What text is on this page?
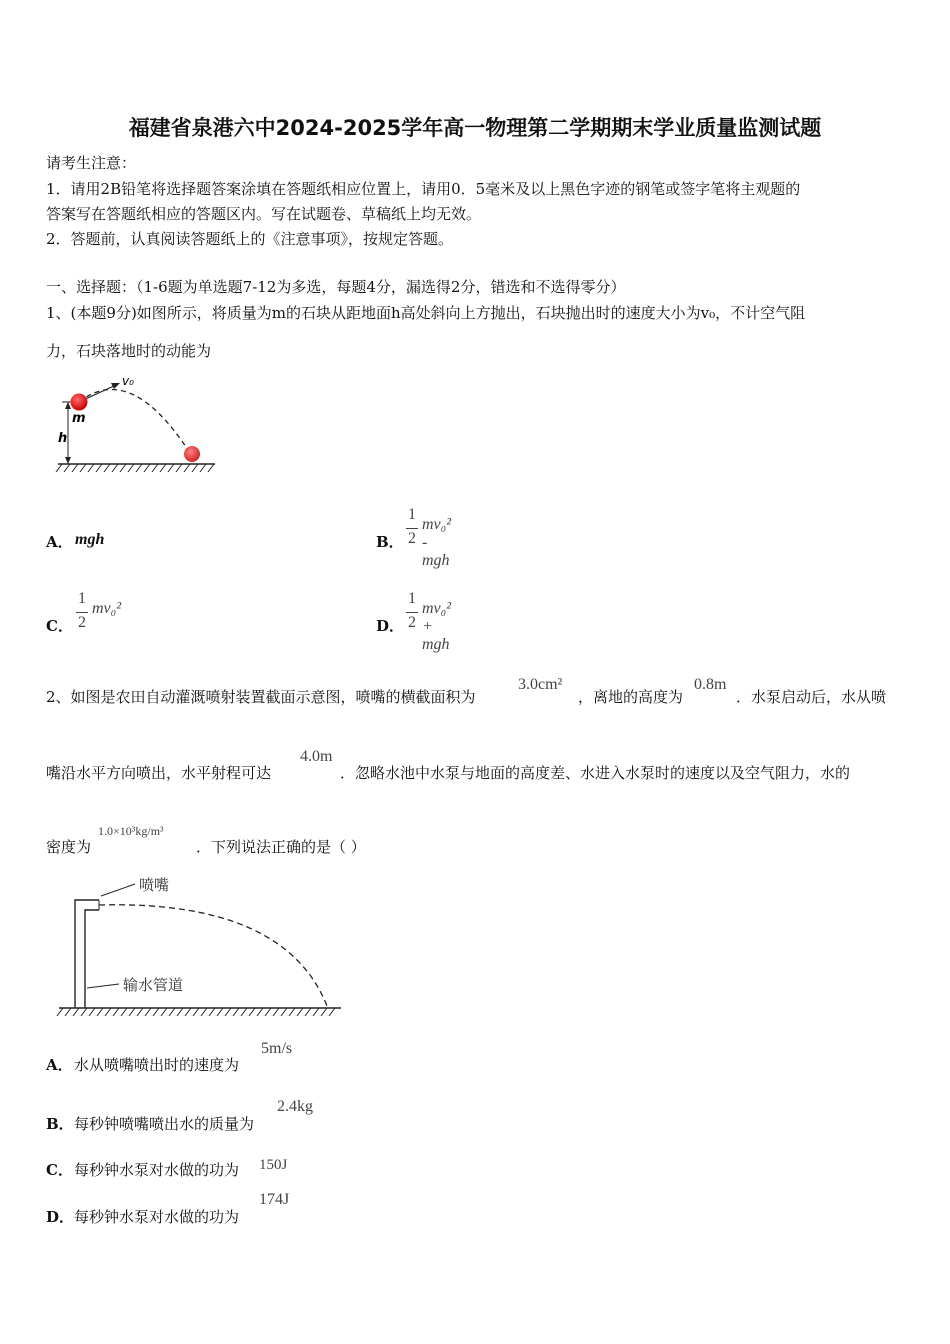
福建省泉港六中2024-2025学年高一物理第二学期期末学业质量监测试题
请考生注意：
1．请用2B铅笔将选择题答案涂填在答题纸相应位置上，请用0．5毫米及以上黑色字迹的钢笔或签字笔将主观题的
答案写在答题纸相应的答题区内。写在试题卷、草稿纸上均无效。
2．答题前，认真阅读答题纸上的《注意事项》，按规定答题。
一、选择题：（1-6题为单选题7-12为多选，每题4分，漏选得2分，错选和不选得零分）
1、(本题9分)如图所示，将质量为m的石块从距地面h高处斜向上方抛出，石块抛出时的速度大小为v₀，不计空气阻
力，石块落地时的动能为
v₀
m
h
A． mgh	B．
1
2
mv₀² - mgh
C．
1
2
mv₀²
D．
1
2
mv₀² + mgh
2、如图是农田自动灌溉喷射装置截面示意图，喷嘴的横截面积为
3.0cm²
，离地的高度为
0.8m
．水泵启动后，水从喷
嘴沿水平方向喷出，水平射程可达
4.0m
．忽略水池中水泵与地面的高度差、水进入水泵时的速度以及空气阻力，水的
密度为
1.0×10³kg/m³
．下列说法正确的是（ ）
喷嘴
输水管道
A． 水从喷嘴喷出时的速度为
5m/s
B． 每秒钟喷嘴喷出水的质量为
2.4kg
C． 每秒钟水泵对水做的功为 150J
D． 每秒钟水泵对水做的功为
174J
